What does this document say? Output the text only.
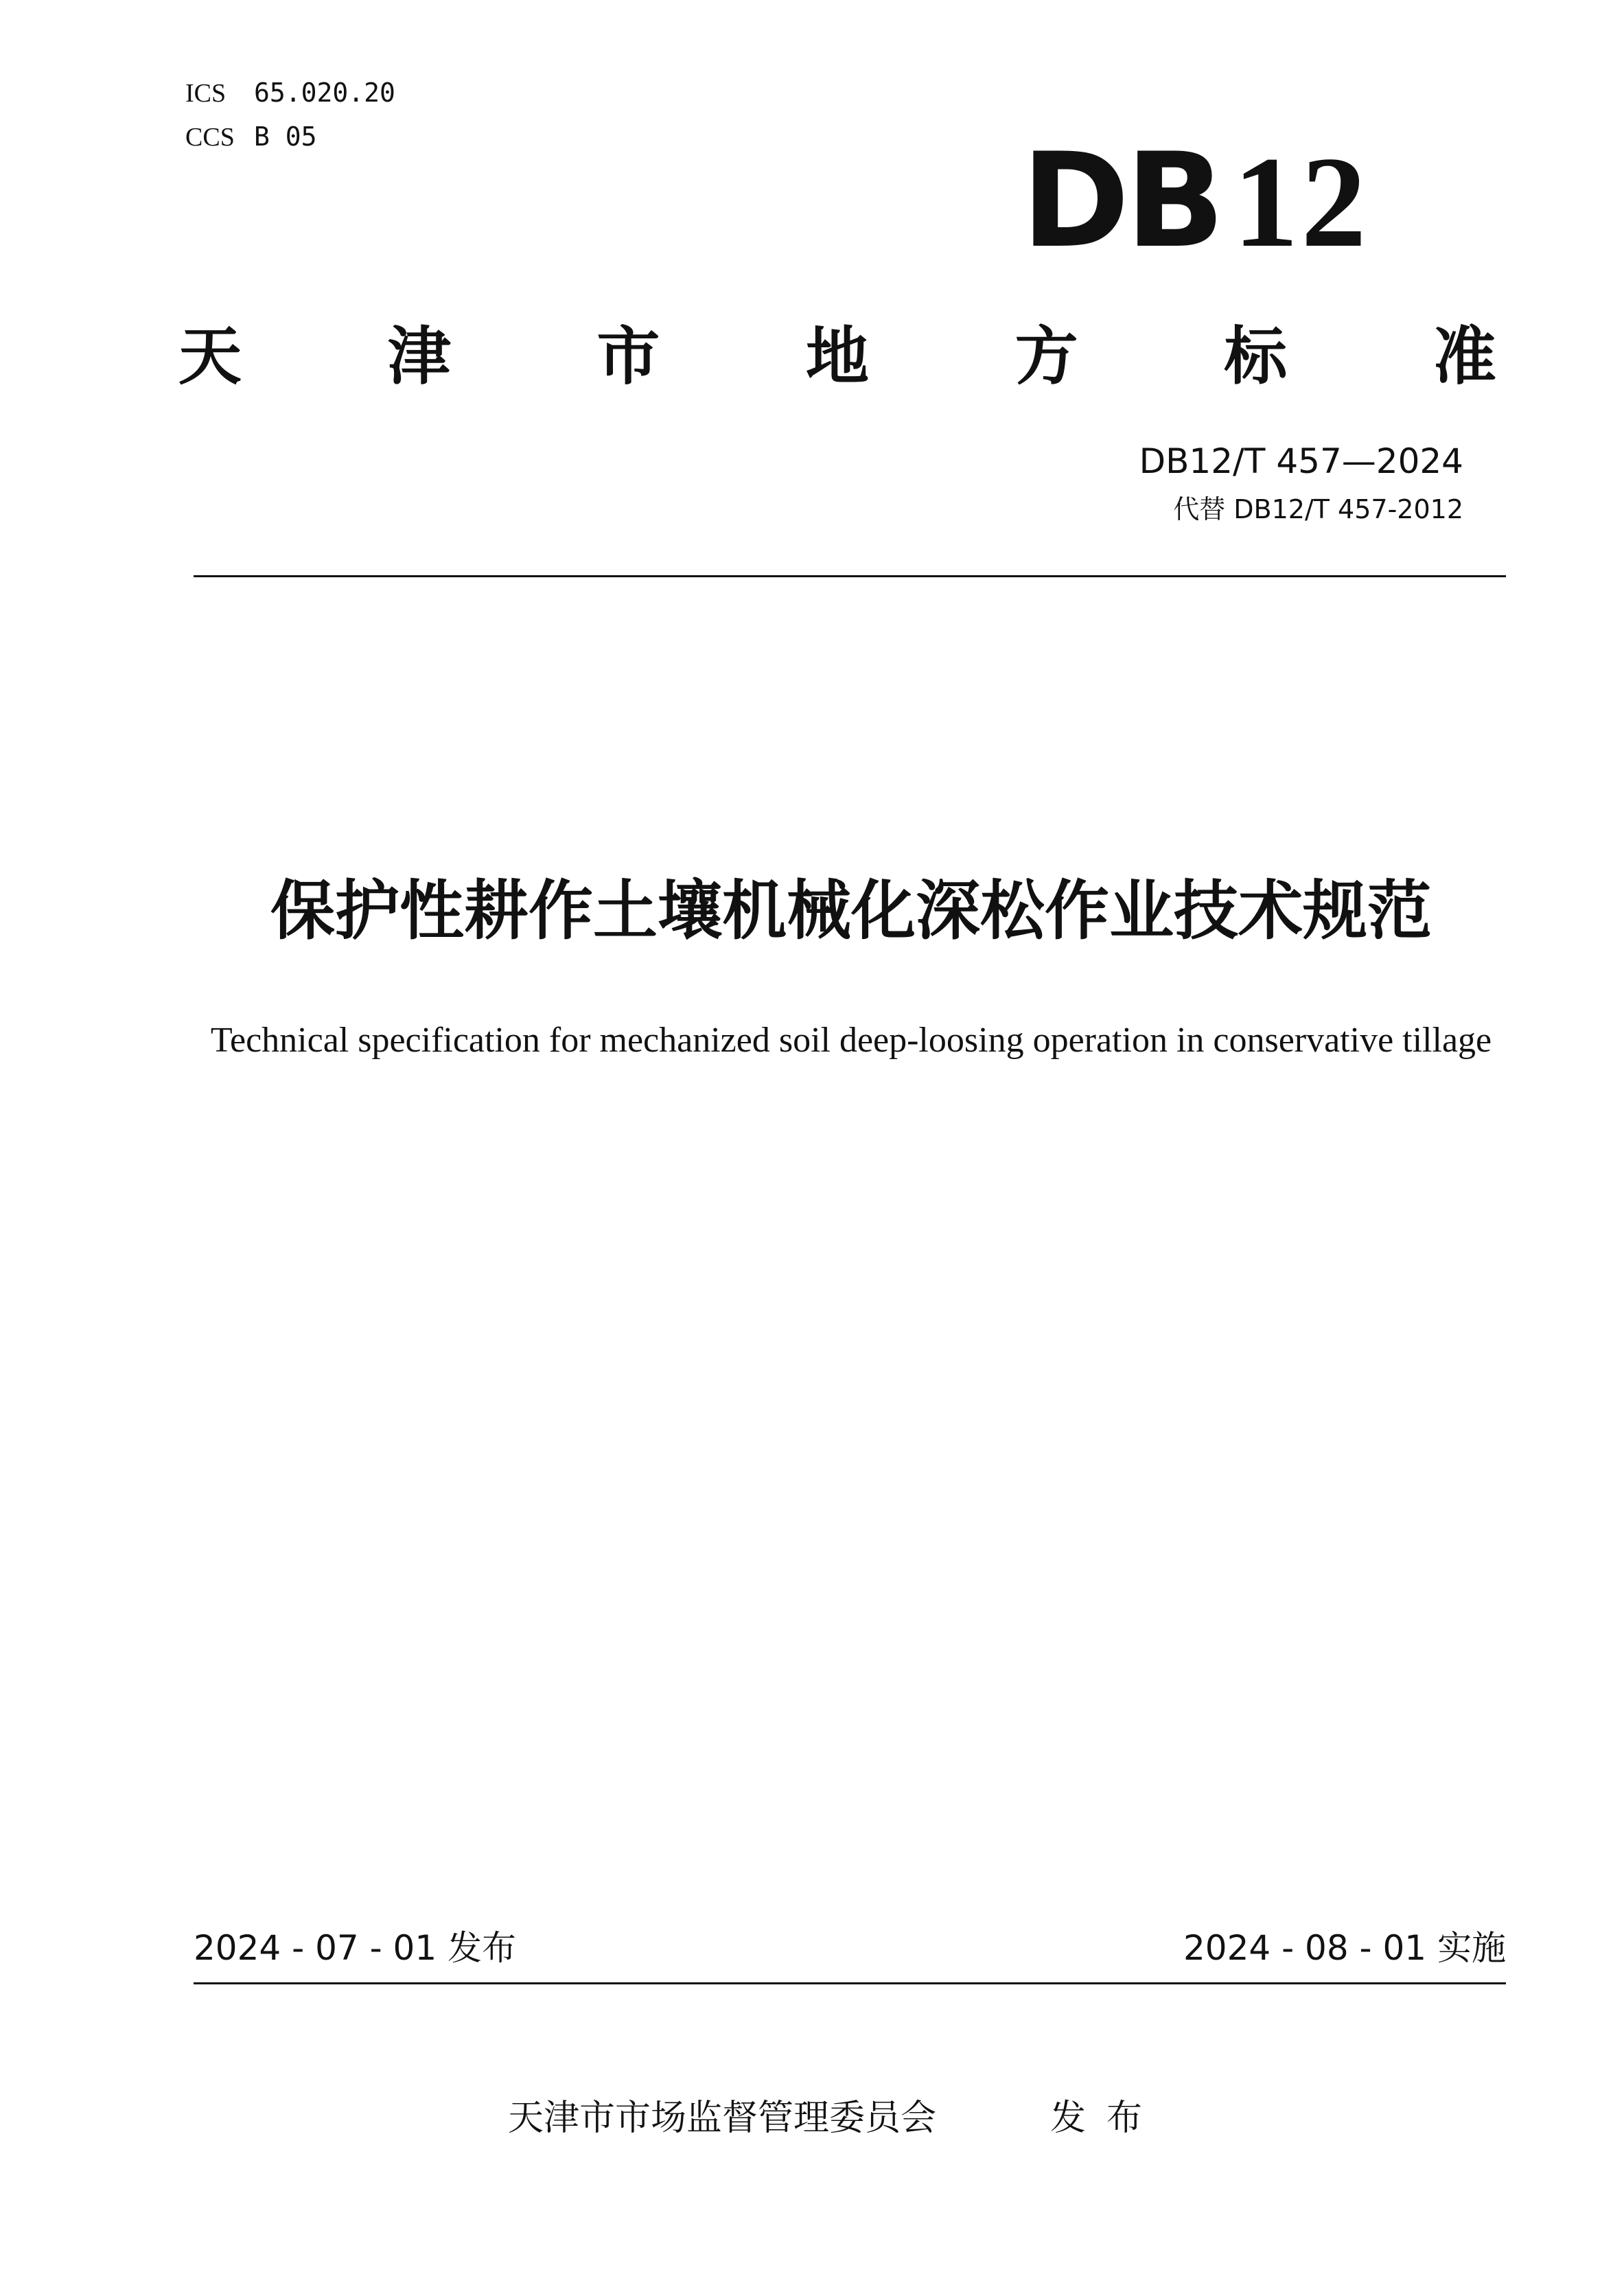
ICS 65.020.20
CCS B 05	DB12
天 津 市 地 方 标 准
DB12/T 457—2024
代替 DB12/T 457-2012
保护性耕作土壤机械化深松作业技术规范
Technical specification for mechanized soil deep-loosing operation in conservative tillage
2024 - 07 - 01 发布	2024 - 08 - 01 实施
天津市市场监督管理委员会	发布
